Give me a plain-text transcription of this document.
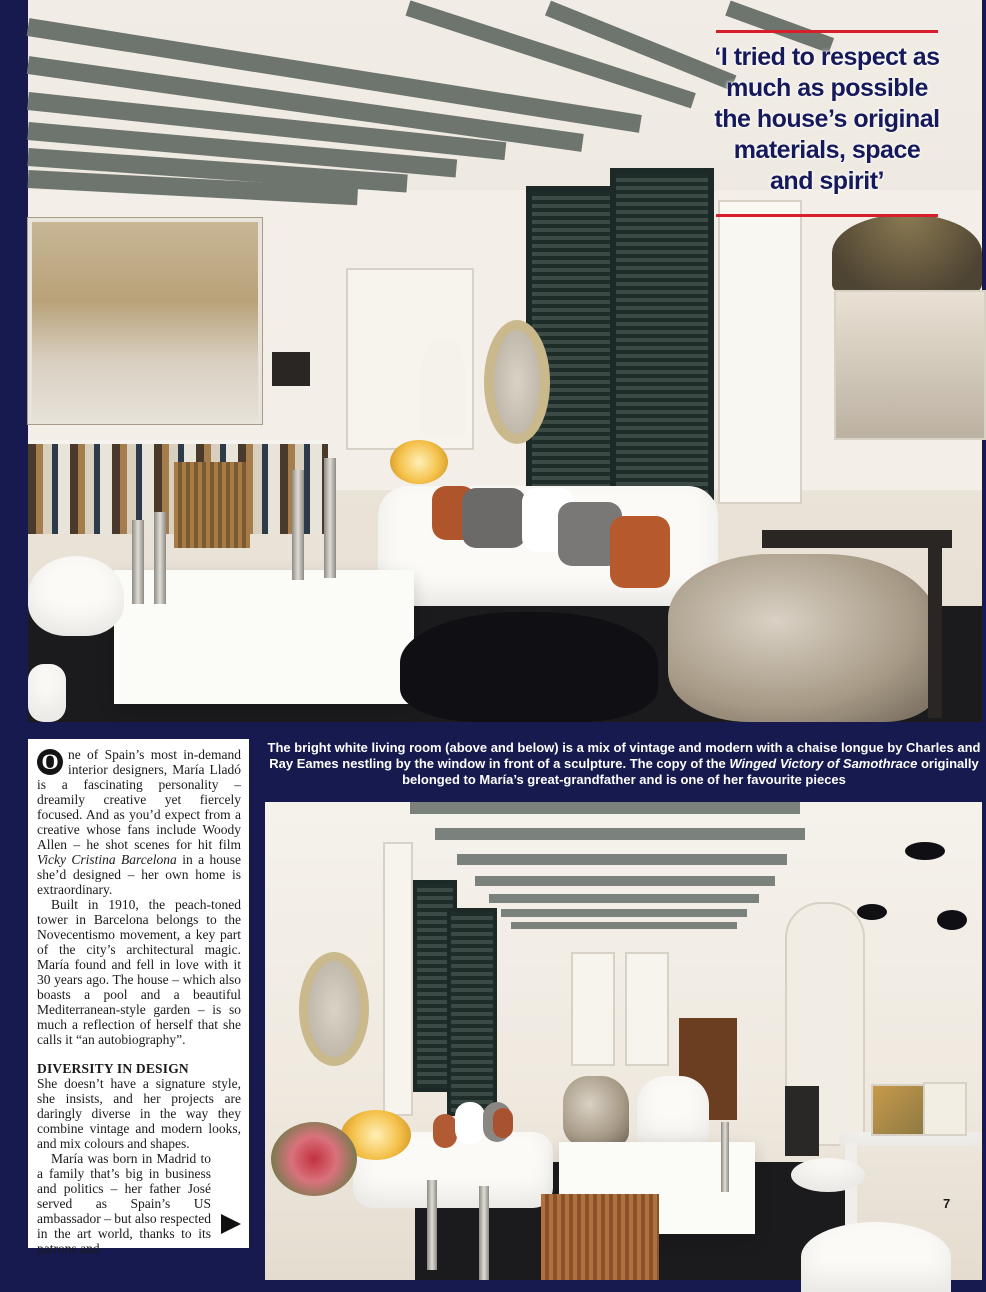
‘I tried to respect as much as possible the house’s original materials, space and spirit’
The bright white living room (above and below) is a mix of vintage and modern with a chaise longue by Charles and Ray Eames nestling by the window in front of a sculpture. The copy of the Winged Victory of Samothrace originally belonged to María’s great-grandfather and is one of her favourite pieces

O ne of Spain’s most in-demand interior designers, María Lladó is a fascinating personality – dreamily creative yet fiercely focused. And as you’d expect from a creative whose fans include Woody Allen – he shot scenes for hit film Vicky Cristina Barcelona in a house she’d designed – her own home is extraordinary.

Built in 1910, the peach-toned tower in Barcelona belongs to the Novecentismo movement, a key part of the city’s architectural magic. María found and fell in love with it 30 years ago. The house – which also boasts a pool and a beautiful Mediterranean-style garden – is so much a reflection of herself that she calls it “an autobiography”.

DIVERSITY IN DESIGN

She doesn’t have a signature style, she insists, and her projects are daringly diverse in the way they combine vintage and modern looks, and mix colours and shapes.

María was born in Madrid to a family that’s big in business and politics – her father José served as Spain’s US ambassador – but also respected in the art world, thanks to its patrons and

7
